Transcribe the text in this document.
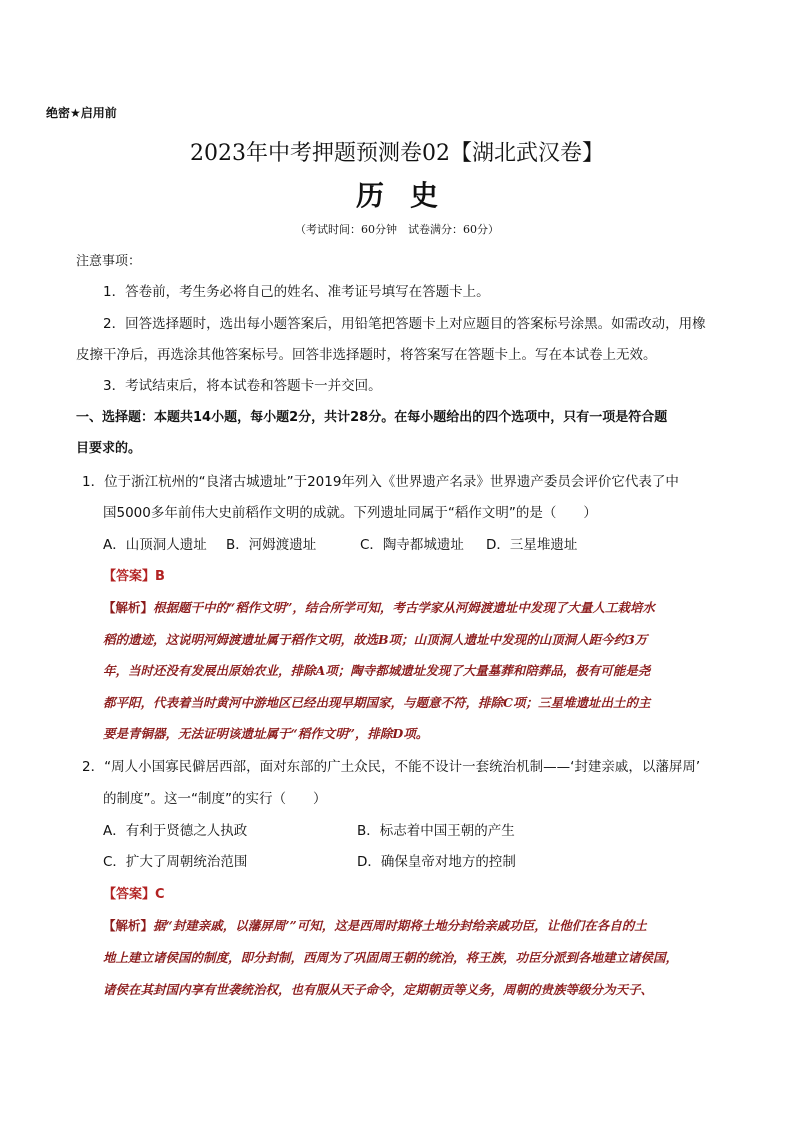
绝密★启用前
2023年中考押题预测卷02【湖北武汉卷】
历史
（考试时间：60分钟　试卷满分：60分）
注意事项：
1．答卷前，考生务必将自己的姓名、准考证号填写在答题卡上。
2．回答选择题时，选出每小题答案后，用铅笔把答题卡上对应题目的答案标号涂黑。如需改动，用橡
皮擦干净后，再选涂其他答案标号。回答非选择题时，将答案写在答题卡上。写在本试卷上无效。
3．考试结束后，将本试卷和答题卡一并交回。
一、选择题：本题共14小题，每小题2分，共计28分。在每小题给出的四个选项中，只有一项是符合题
目要求的。
1．位于浙江杭州的“良渚古城遗址”于2019年列入《世界遗产名录》世界遗产委员会评价它代表了中
国5000多年前伟大史前稻作文明的成就。下列遗址同属于“稻作文明”的是（　　）
A．山顶洞人遗址 B．河姆渡遗址	C．陶寺都城遗址 D．三星堆遗址
【答案】B
【解析】根据题干中的“稻作文明”，结合所学可知，考古学家从河姆渡遗址中发现了大量人工栽培水
稻的遗迹，这说明河姆渡遗址属于稻作文明，故选B项；山顶洞人遗址中发现的山顶洞人距今约3万
年，当时还没有发展出原始农业，排除A项；陶寺都城遗址发现了大量墓葬和陪葬品，极有可能是尧
都平阳，代表着当时黄河中游地区已经出现早期国家，与题意不符，排除C项；三星堆遗址出土的主
要是青铜器，无法证明该遗址属于“稻作文明”，排除D项。
2．“周人小国寡民僻居西部，面对东部的广土众民，不能不设计一套统治机制——‘封建亲戚，以藩屏周’
的制度”。这一“制度”的实行（　　）
A．有利于贤德之人执政	B．标志着中国王朝的产生
C．扩大了周朝统治范围	D．确保皇帝对地方的控制
【答案】C
【解析】据“封建亲戚，以藩屏周’”可知，这是西周时期将土地分封给亲戚功臣，让他们在各自的土
地上建立诸侯国的制度，即分封制，西周为了巩固周王朝的统治，将王族，功臣分派到各地建立诸侯国，
诸侯在其封国内享有世袭统治权，也有服从天子命令，定期朝贡等义务，周朝的贵族等级分为天子、
